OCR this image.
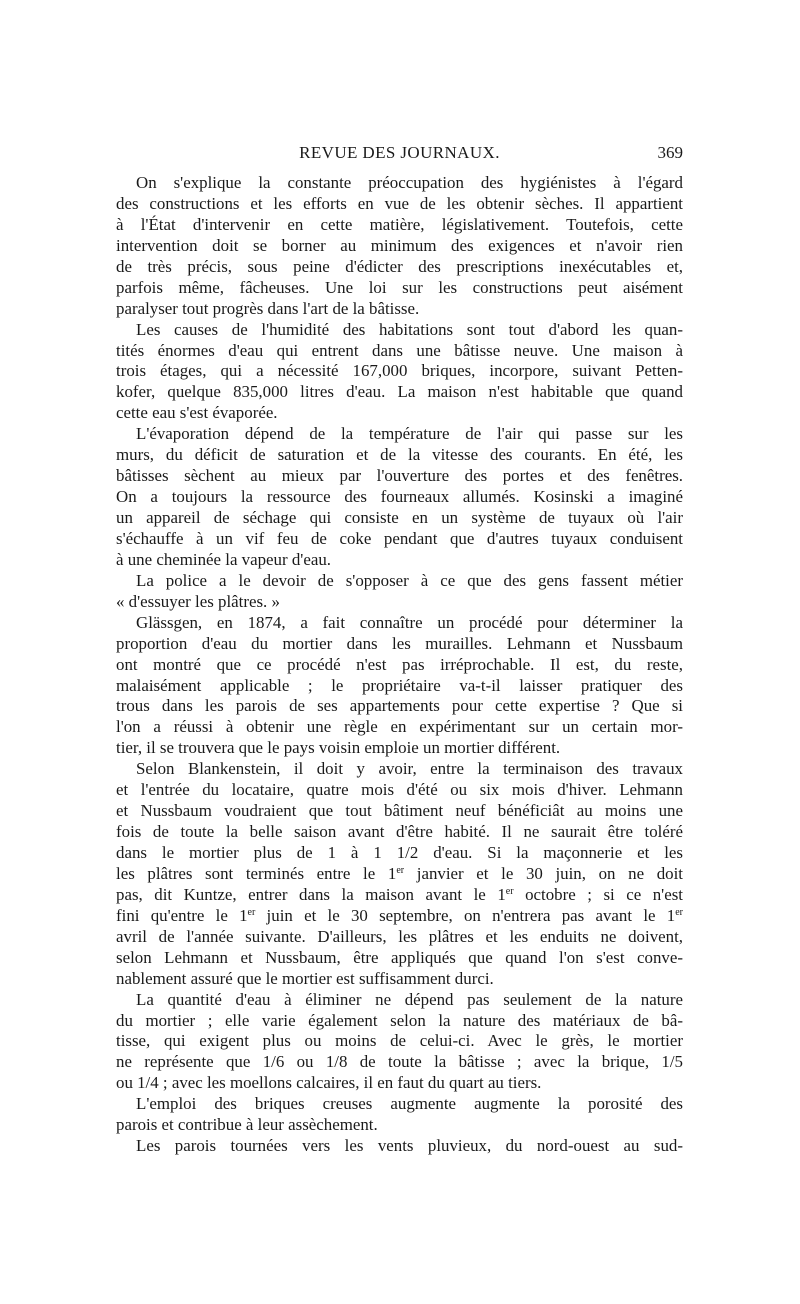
REVUE DES JOURNAUX.	369
On s'explique la constante préoccupation des hygiénistes à l'égard
des constructions et les efforts en vue de les obtenir sèches. Il appartient
à l'État d'intervenir en cette matière, législativement. Toutefois, cette
intervention doit se borner au minimum des exigences et n'avoir rien
de très précis, sous peine d'édicter des prescriptions inexécutables et,
parfois même, fâcheuses. Une loi sur les constructions peut aisément
paralyser tout progrès dans l'art de la bâtisse.
Les causes de l'humidité des habitations sont tout d'abord les quan-
tités énormes d'eau qui entrent dans une bâtisse neuve. Une maison à
trois étages, qui a nécessité 167,000 briques, incorpore, suivant Petten-
kofer, quelque 835,000 litres d'eau. La maison n'est habitable que quand
cette eau s'est évaporée.
L'évaporation dépend de la température de l'air qui passe sur les
murs, du déficit de saturation et de la vitesse des courants. En été, les
bâtisses sèchent au mieux par l'ouverture des portes et des fenêtres.
On a toujours la ressource des fourneaux allumés. Kosinski a imaginé
un appareil de séchage qui consiste en un système de tuyaux où l'air
s'échauffe à un vif feu de coke pendant que d'autres tuyaux conduisent
à une cheminée la vapeur d'eau.
La police a le devoir de s'opposer à ce que des gens fassent métier
« d'essuyer les plâtres. »
Glässgen, en 1874, a fait connaître un procédé pour déterminer la
proportion d'eau du mortier dans les murailles. Lehmann et Nussbaum
ont montré que ce procédé n'est pas irréprochable. Il est, du reste,
malaisément applicable ; le propriétaire va-t-il laisser pratiquer des
trous dans les parois de ses appartements pour cette expertise ? Que si
l'on a réussi à obtenir une règle en expérimentant sur un certain mor-
tier, il se trouvera que le pays voisin emploie un mortier différent.
Selon Blankenstein, il doit y avoir, entre la terminaison des travaux
et l'entrée du locataire, quatre mois d'été ou six mois d'hiver. Lehmann
et Nussbaum voudraient que tout bâtiment neuf bénéficiât au moins une
fois de toute la belle saison avant d'être habité. Il ne saurait être toléré
dans le mortier plus de 1 à 1 1/2 d'eau. Si la maçonnerie et les
les plâtres sont terminés entre le 1er janvier et le 30 juin, on ne doit
pas, dit Kuntze, entrer dans la maison avant le 1er octobre ; si ce n'est
fini qu'entre le 1er juin et le 30 septembre, on n'entrera pas avant le 1er
avril de l'année suivante. D'ailleurs, les plâtres et les enduits ne doivent,
selon Lehmann et Nussbaum, être appliqués que quand l'on s'est conve-
nablement assuré que le mortier est suffisamment durci.
La quantité d'eau à éliminer ne dépend pas seulement de la nature
du mortier ; elle varie également selon la nature des matériaux de bâ-
tisse, qui exigent plus ou moins de celui-ci. Avec le grès, le mortier
ne représente que 1/6 ou 1/8 de toute la bâtisse ; avec la brique, 1/5
ou 1/4 ; avec les moellons calcaires, il en faut du quart au tiers.
L'emploi des briques creuses augmente augmente la porosité des
parois et contribue à leur assèchement.
Les parois tournées vers les vents pluvieux, du nord-ouest au sud-
